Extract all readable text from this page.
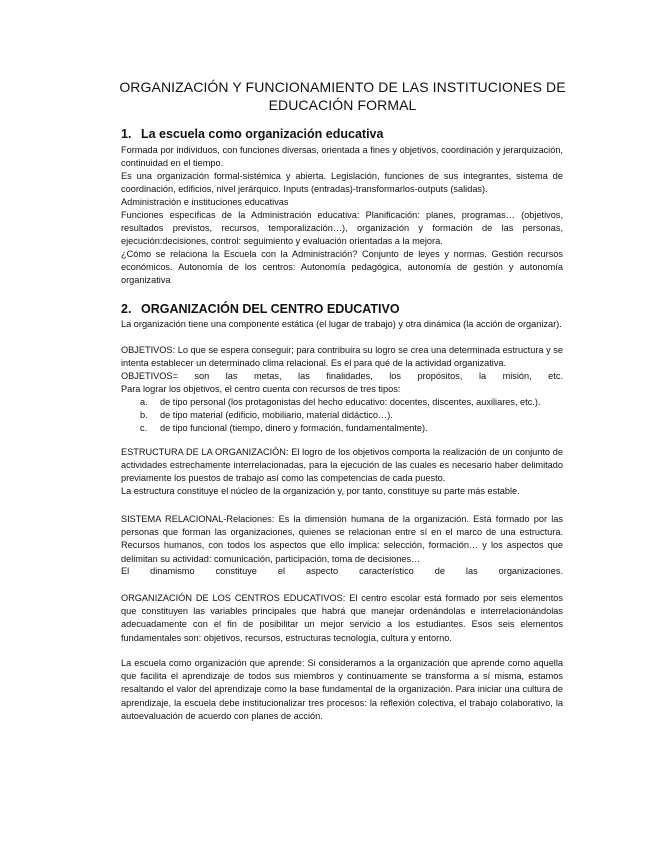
ORGANIZACIÓN Y FUNCIONAMIENTO DE LAS INSTITUCIONES DE
EDUCACIÓN FORMAL
1. La escuela como organización educativa

Formada por individuos, con funciones diversas, orientada a fines y objetivos, coordinación y jerarquización, continuidad en el tiempo.

Es una organización formal-sistémica y abierta. Legislación, funciones de sus integrantes, sistema de coordinación, edificios, nivel jerárquico. Inputs (entradas)-transformarlos-outputs (salidas).

Administración e instituciones educativas

Funciones específicas de la Administración educativa: Planificación: planes, programas… (objetivos, resultados previstos, recursos, temporalización…), organización y formación de las personas, ejecución:decisiones, control: seguimiento y evaluación orientadas a la mejora.

¿Cómo se relaciona la Escuela con la Administración? Conjunto de leyes y normas. Gestión recursos económicos. Autonomía de los centros: Autonomía pedagógica, autonomía de gestión y autonomía organizativa

2. ORGANIZACIÓN DEL CENTRO EDUCATIVO

La organización tiene una componente estática (el lugar de trabajo) y otra dinámica (la acción de organizar).

OBJETIVOS: Lo que se espera conseguir; para contribuira su logro se crea una determinada estructura y se intenta establecer un determinado clima relacional. Es el para qué de la actividad organizativa.

OBJETIVOS= son las metas, las finalidades, los propósitos, la misión, etc.

Para lograr los objetivos, el centro cuenta con recursos de tres tipos:

a. de tipo personal (los protagonistas del hecho educativo: docentes, discentes, auxiliares, etc.).
b. de tipo material (edificio, mobiliario, material didáctico…).
c. de tipo funcional (tiempo, dinero y formación, fundamentalmente).

ESTRUCTURA DE LA ORGANIZACIÓN: El logro de los objetivos comporta la realización de un conjunto de actividades estrechamente interrelacionadas, para la ejecución de las cuales es necesario haber delimitado previamente los puestos de trabajo así como las competencias de cada puesto.

La estructura constituye el núcleo de la organización y, por tanto, constituye su parte más estable.

SISTEMA RELACIONAL-Relaciones: Es la dimensión humana de la organización. Está formado por las personas que forman las organizaciones, quienes se relacionan entre sí en el marco de una estructura. Recursos humanos, con todos los aspectos que ello implica: selección, formación… y los aspectos que delimitan su actividad: comunicación, participación, toma de decisiones…

El dinamismo constituye el aspecto característico de las organizaciones.

ORGANIZACIÓN DE LOS CENTROS EDUCATIVOS: El centro escolar está formado por seis elementos que constituyen las variables principales que habrá que manejar ordenándolas e interrelacionándolas adecuadamente con el fin de posibilitar un mejor servicio a los estudiantes. Esos seis elementos fundamentales son: objetivos, recursos, estructuras tecnología, cultura y entorno.

La escuela como organización que aprende: Si consideramos a la organización que aprende como aquella que facilita el aprendizaje de todos sus miembros y continuamente se transforma a sí misma, estamos resaltando el valor del aprendizaje como la base fundamental de la organización. Para iniciar una cultura de aprendizaje, la escuela debe institucionalizar tres procesos: la reflexión colectiva, el trabajo colaborativo, la autoevaluación de acuerdo con planes de acción.
